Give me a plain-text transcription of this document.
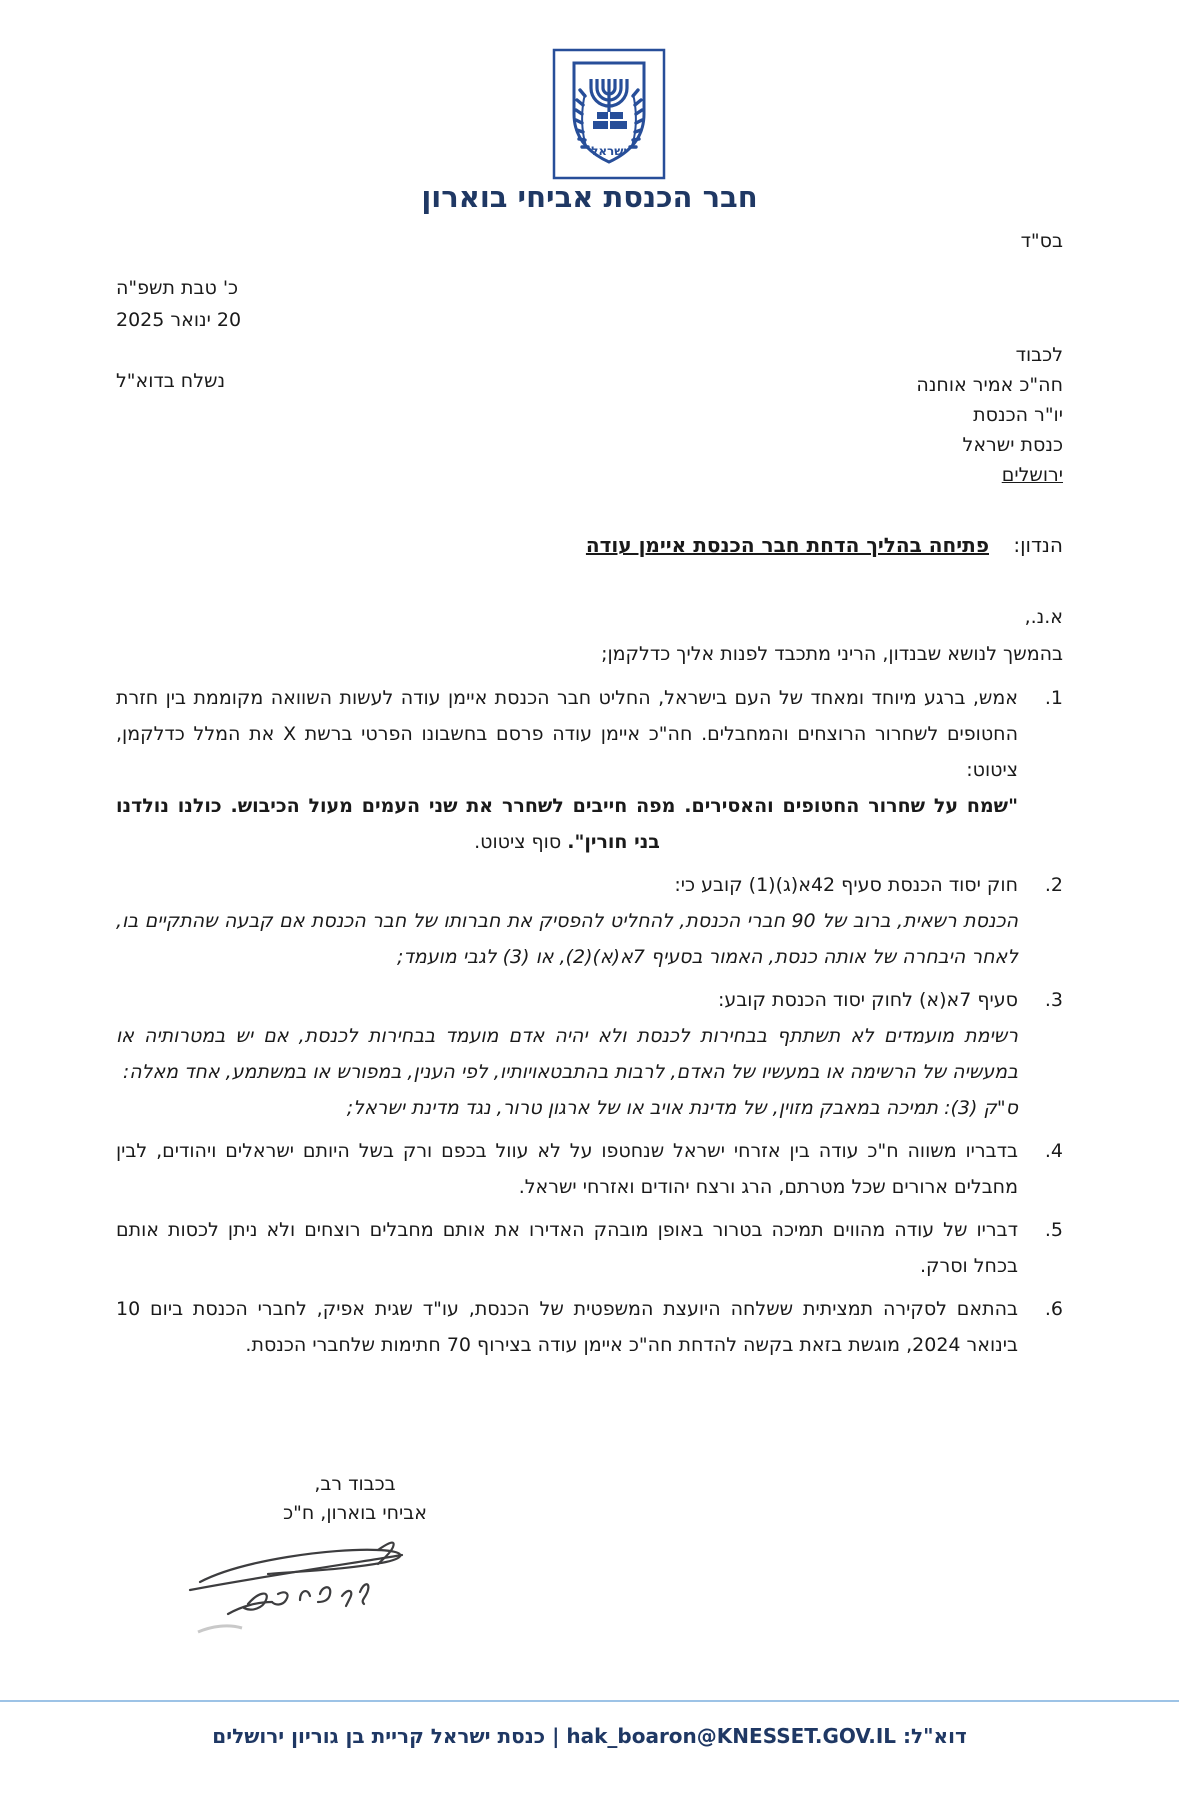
ישראל
חבר הכנסת אביחי בוארון
בס"ד
כ' טבת תשפ"ה
20 ינואר 2025
לכבוד
חה"כ אמיר אוחנה
יו"ר הכנסת
כנסת ישראל
ירושלים
נשלח בדוא"ל
הנדון: פתיחה בהליך הדחת חבר הכנסת איימן עודה
א.נ.,
בהמשך לנושא שבנדון, הריני מתכבד לפנות אליך כדלקמן;
1.

אמש, ברגע מיוחד ומאחד של העם בישראל, החליט חבר הכנסת איימן עודה לעשות השוואה מקוממת בין חזרת החטופים לשחרור הרוצחים והמחבלים. חה"כ איימן עודה פרסם בחשבונו הפרטי ברשת X את המלל כדלקמן, ציטוט:

"שמח על שחרור החטופים והאסירים. מפה חייבים לשחרר את שני העמים מעול הכיבוש. כולנו נולדנו בני חורין". סוף ציטוט.

2.

חוק יסוד הכנסת סעיף 42א(ג)(1) קובע כי:

הכנסת רשאית, ברוב של 90 חברי הכנסת, להחליט להפסיק את חברותו של חבר הכנסת אם קבעה שהתקיים בו, לאחר היבחרה של אותה כנסת, האמור בסעיף 7א(א)(2), או (3) לגבי מועמד;

3.

סעיף 7א(א) לחוק יסוד הכנסת קובע:

רשימת מועמדים לא תשתתף בבחירות לכנסת ולא יהיה אדם מועמד בבחירות לכנסת, אם יש במטרותיה או במעשיה של הרשימה או במעשיו של האדם, לרבות בהתבטאויותיו, לפי הענין, במפורש או במשתמע, אחד מאלה:

ס"ק (3): תמיכה במאבק מזוין, של מדינת אויב או של ארגון טרור, נגד מדינת ישראל;

4.

בדבריו משווה ח"כ עודה בין אזרחי ישראל שנחטפו על לא עוול בכפם ורק בשל היותם ישראלים ויהודים, לבין מחבלים ארורים שכל מטרתם, הרג ורצח יהודים ואזרחי ישראל.

5.

דבריו של עודה מהווים תמיכה בטרור באופן מובהק האדירו את אותם מחבלים רוצחים ולא ניתן לכסות אותם בכחל וסרק.

6.

בהתאם לסקירה תמציתית ששלחה היועצת המשפטית של הכנסת, עו"ד שגית אפיק, לחברי הכנסת ביום 10 בינואר 2024, מוגשת בזאת בקשה להדחת חה"כ איימן עודה בצירוף 70 חתימות שלחברי הכנסת.

בכבוד רב,
אביחי בוארון, ח"כ
דוא"ל: hak_boaron@KNESSET.GOV.IL | כנסת ישראל קריית בן גוריון ירושלים
